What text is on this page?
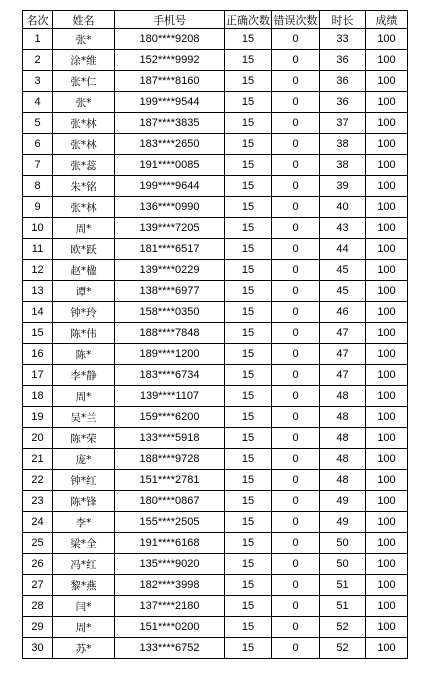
名次	姓名	手机号	正确次数	错误次数	时长	成绩
1	张*	180****9208	15	0	33	100
2	涂*维	152****9992	15	0	36	100
3	张*仁	187****8160	15	0	36	100
4	张*	199****9544	15	0	36	100
5	张*林	187****3835	15	0	37	100
6	张*林	183****2650	15	0	38	100
7	张*蕊	191****0085	15	0	38	100
8	朱*铭	199****9644	15	0	39	100
9	张*林	136****0990	15	0	40	100
10	周*	139****7205	15	0	43	100
11	欧*跃	181****6517	15	0	44	100
12	赵*楹	139****0229	15	0	45	100
13	谭*	138****6977	15	0	45	100
14	钟*玲	158****0350	15	0	46	100
15	陈*伟	188****7848	15	0	47	100
16	陈*	189****1200	15	0	47	100
17	李*静	183****6734	15	0	47	100
18	周*	139****1107	15	0	48	100
19	吴*兰	159****6200	15	0	48	100
20	陈*荣	133****5918	15	0	48	100
21	庞*	188****9728	15	0	48	100
22	钟*红	151****2781	15	0	48	100
23	陈*锋	180****0867	15	0	49	100
24	李*	155****2505	15	0	49	100
25	梁*全	191****6168	15	0	50	100
26	冯*红	135****9020	15	0	50	100
27	黎*燕	182****3998	15	0	51	100
28	闫*	137****2180	15	0	51	100
29	周*	151****0200	15	0	52	100
30	苏*	133****6752	15	0	52	100
